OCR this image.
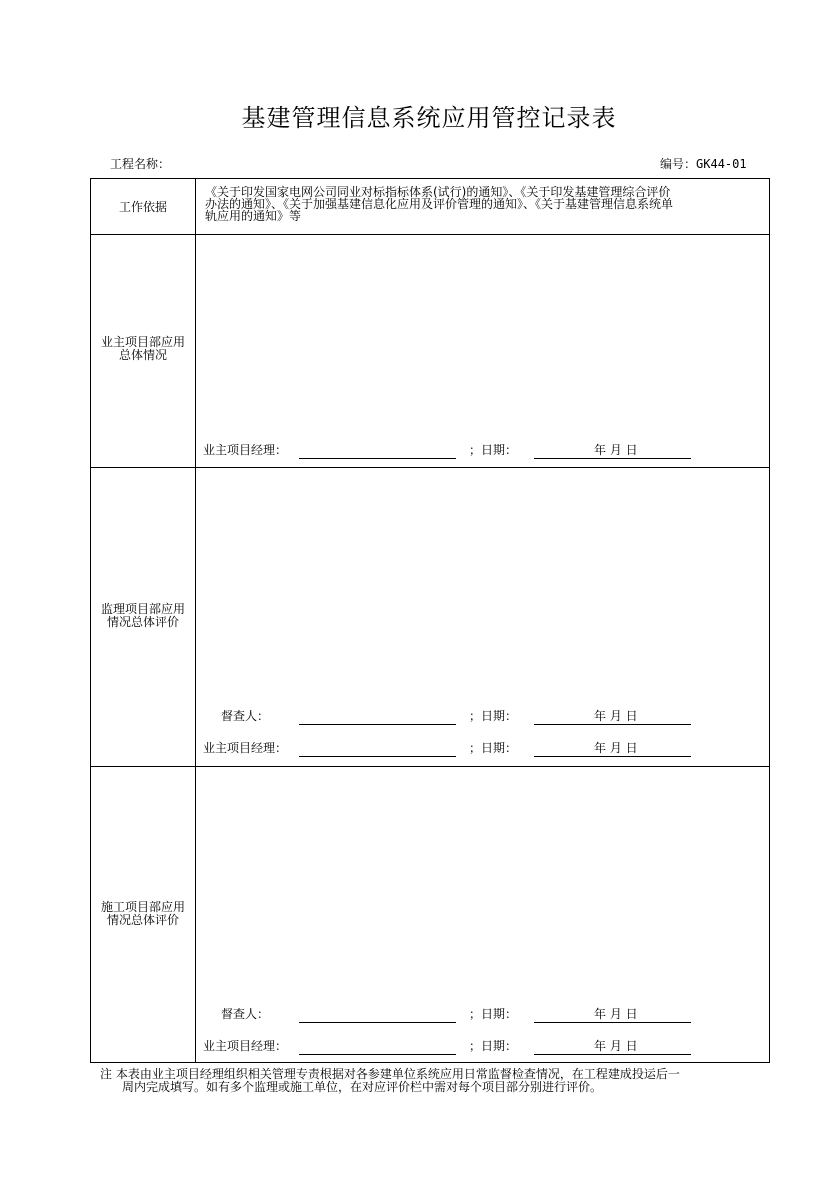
基建管理信息系统应用管控记录表
工程名称：	编号：GK44-01
工作依据
《关于印发国家电网公司同业对标指标体系(试行)的通知》、《关于印发基建管理综合评价
办法的通知》、《关于加强基建信息化应用及评价管理的通知》、《关于基建管理信息系统单
轨应用的通知》等
业主项目部应用
总体情况
业主项目经理：	；日期：	年 月 日
监理项目部应用
情况总体评价
督查人：	；日期：	年 月 日
业主项目经理：	；日期：	年 月 日
施工项目部应用
情况总体评价
督查人：	；日期：	年 月 日
业主项目经理：	；日期：	年 月 日
注 本表由业主项目经理组织相关管理专责根据对各参建单位系统应用日常监督检查情况，在工程建成投运后一
周内完成填写。如有多个监理或施工单位，在对应评价栏中需对每个项目部分别进行评价。
